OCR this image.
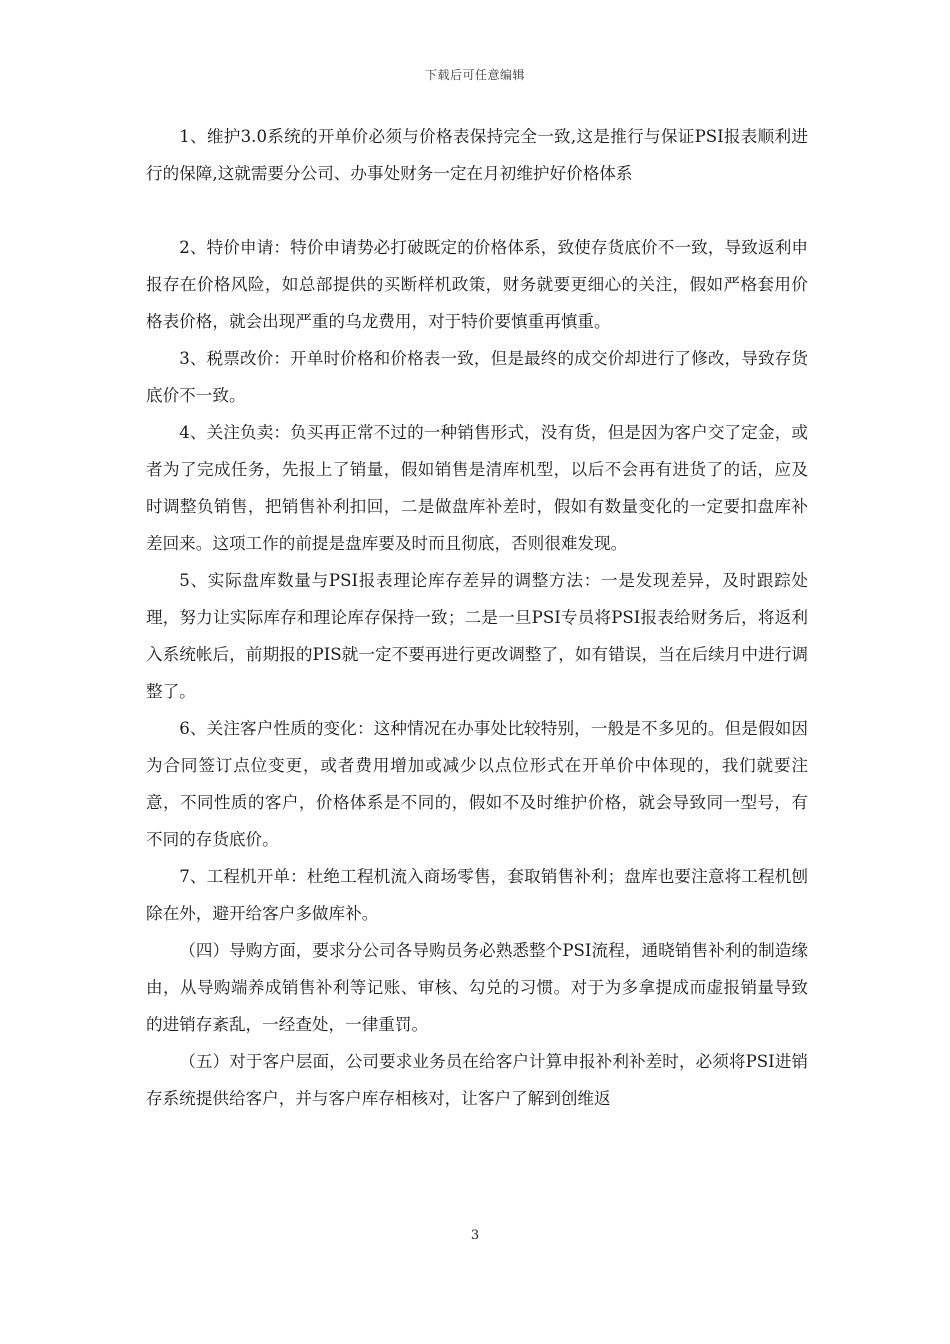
下载后可任意编辑

1、维护3.0系统的开单价必须与价格表保持完全一致,这是推行与保证PSI报表顺利进行的保障,这就需要分公司、办事处财务一定在月初维护好价格体系

2、特价申请：特价申请势必打破既定的价格体系，致使存货底价不一致，导致返利申报存在价格风险，如总部提供的买断样机政策，财务就要更细心的关注，假如严格套用价格表价格，就会出现严重的乌龙费用，对于特价要慎重再慎重。

3、税票改价：开单时价格和价格表一致，但是最终的成交价却进行了修改，导致存货底价不一致。

4、关注负卖：负买再正常不过的一种销售形式，没有货，但是因为客户交了定金，或者为了完成任务，先报上了销量，假如销售是清库机型，以后不会再有进货了的话，应及时调整负销售，把销售补利扣回，二是做盘库补差时，假如有数量变化的一定要扣盘库补差回来。这项工作的前提是盘库要及时而且彻底，否则很难发现。

5、实际盘库数量与PSI报表理论库存差异的调整方法：一是发现差异，及时跟踪处理，努力让实际库存和理论库存保持一致；二是一旦PSI专员将PSI报表给财务后，将返利入系统帐后，前期报的PIS就一定不要再进行更改调整了，如有错误，当在后续月中进行调整了。

6、关注客户性质的变化：这种情况在办事处比较特别，一般是不多见的。但是假如因为合同签订点位变更，或者费用增加或减少以点位形式在开单价中体现的，我们就要注意，不同性质的客户，价格体系是不同的，假如不及时维护价格，就会导致同一型号，有不同的存货底价。

7、工程机开单：杜绝工程机流入商场零售，套取销售补利；盘库也要注意将工程机刨除在外，避开给客户多做库补。

（四）导购方面，要求分公司各导购员务必熟悉整个PSI流程，通晓销售补利的制造缘由，从导购端养成销售补利等记账、审核、勾兑的习惯。对于为多拿提成而虚报销量导致的进销存紊乱，一经查处，一律重罚。

（五）对于客户层面，公司要求业务员在给客户计算申报补利补差时，必须将PSI进销存系统提供给客户，并与客户库存相核对，让客户了解到创维返

3
